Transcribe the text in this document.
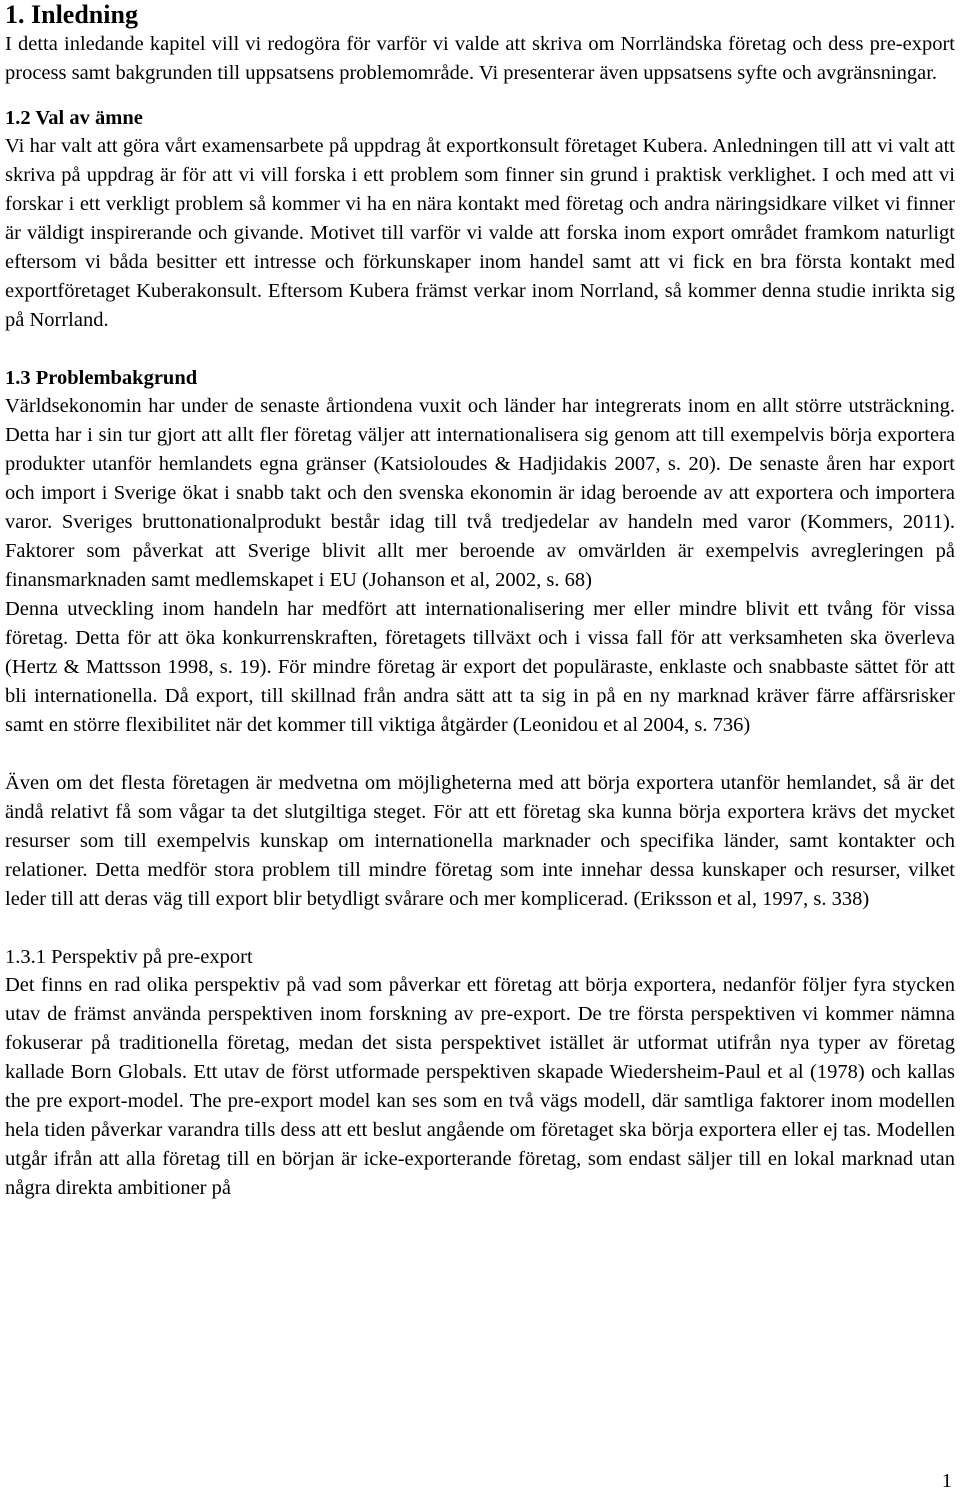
1. Inledning

I detta inledande kapitel vill vi redogöra för varför vi valde att skriva om Norrländska företag och dess pre-export process samt bakgrunden till uppsatsens problemområde. Vi presenterar även uppsatsens syfte och avgränsningar.

1.2 Val av ämne

Vi har valt att göra vårt examensarbete på uppdrag åt exportkonsult företaget Kubera. Anledningen till att vi valt att skriva på uppdrag är för att vi vill forska i ett problem som finner sin grund i praktisk verklighet. I och med att vi forskar i ett verkligt problem så kommer vi ha en nära kontakt med företag och andra näringsidkare vilket vi finner är väldigt inspirerande och givande. Motivet till varför vi valde att forska inom export området framkom naturligt eftersom vi båda besitter ett intresse och förkunskaper inom handel samt att vi fick en bra första kontakt med exportföretaget Kuberakonsult. Eftersom Kubera främst verkar inom Norrland, så kommer denna studie inrikta sig på Norrland.

1.3 Problembakgrund

Världsekonomin har under de senaste årtiondena vuxit och länder har integrerats inom en allt större utsträckning. Detta har i sin tur gjort att allt fler företag väljer att internationalisera sig genom att till exempelvis börja exportera produkter utanför hemlandets egna gränser (Katsioloudes & Hadjidakis 2007, s. 20). De senaste åren har export och import i Sverige ökat i snabb takt och den svenska ekonomin är idag beroende av att exportera och importera varor. Sveriges bruttonationalprodukt består idag till två tredjedelar av handeln med varor (Kommers, 2011). Faktorer som påverkat att Sverige blivit allt mer beroende av omvärlden är exempelvis avregleringen på finansmarknaden samt medlemskapet i EU (Johanson et al, 2002, s. 68)

Denna utveckling inom handeln har medfört att internationalisering mer eller mindre blivit ett tvång för vissa företag. Detta för att öka konkurrenskraften, företagets tillväxt och i vissa fall för att verksamheten ska överleva (Hertz & Mattsson 1998, s. 19). För mindre företag är export det populäraste, enklaste och snabbaste sättet för att bli internationella. Då export, till skillnad från andra sätt att ta sig in på en ny marknad kräver färre affärsrisker samt en större flexibilitet när det kommer till viktiga åtgärder (Leonidou et al 2004, s. 736)

Även om det flesta företagen är medvetna om möjligheterna med att börja exportera utanför hemlandet, så är det ändå relativt få som vågar ta det slutgiltiga steget. För att ett företag ska kunna börja exportera krävs det mycket resurser som till exempelvis kunskap om internationella marknader och specifika länder, samt kontakter och relationer. Detta medför stora problem till mindre företag som inte innehar dessa kunskaper och resurser, vilket leder till att deras väg till export blir betydligt svårare och mer komplicerad. (Eriksson et al, 1997, s. 338)

1.3.1 Perspektiv på pre-export

Det finns en rad olika perspektiv på vad som påverkar ett företag att börja exportera, nedanför följer fyra stycken utav de främst använda perspektiven inom forskning av pre-export. De tre första perspektiven vi kommer nämna fokuserar på traditionella företag, medan det sista perspektivet istället är utformat utifrån nya typer av företag kallade Born Globals. Ett utav de först utformade perspektiven skapade Wiedersheim-Paul et al (1978) och kallas the pre export-model. The pre-export model kan ses som en två vägs modell, där samtliga faktorer inom modellen hela tiden påverkar varandra tills dess att ett beslut angående om företaget ska börja exportera eller ej tas. Modellen utgår ifrån att alla företag till en början är icke-exporterande företag, som endast säljer till en lokal marknad utan några direkta ambitioner på

1
